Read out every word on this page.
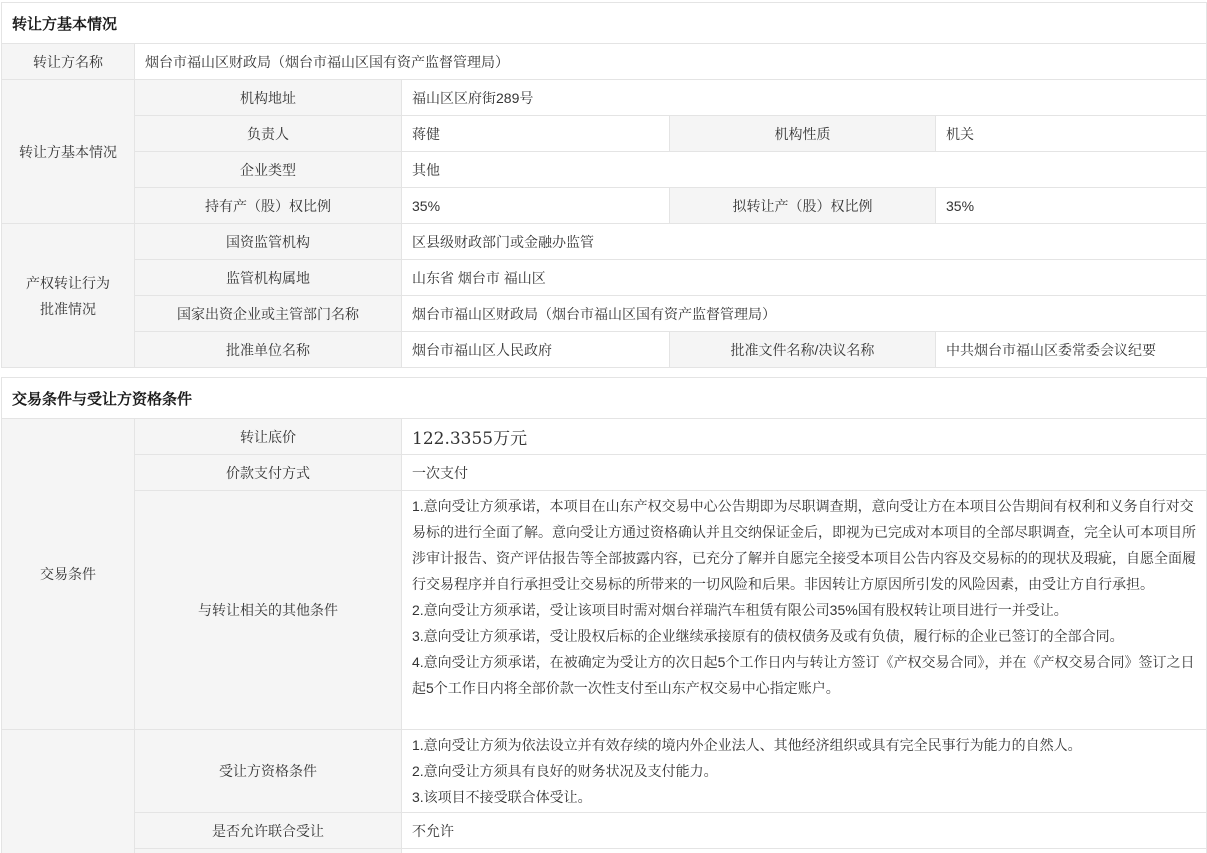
转让方基本情况				
转让方名称	烟台市福山区财政局（烟台市福山区国有资产监督管理局）			
转让方基本情况	机构地址	福山区区府街289号		
	负责人	蒋健	机构性质	机关
	企业类型	其他		
	持有产（股）权比例	35%	拟转让产（股）权比例	35%

产权转让行为
批准情况	国资监管机构	区县级财政部门或金融办监管		
	监管机构属地	山东省 烟台市 福山区		
	国家出资企业或主管部门名称	烟台市福山区财政局（烟台市福山区国有资产监督管理局）		
	批准单位名称	烟台市福山区人民政府	批准文件名称/决议名称	中共烟台市福山区委常委会议纪要
交易条件与受让方资格条件		
交易条件	转让底价	122.3355万元
	价款支付方式	一次支付
	与转让相关的其他条件	1.意向受让方须承诺，本项目在山东产权交易中心公告期即为尽职调查期，意向受让方在本项目公告期间有权利和义务自行对交易标的进行全面了解。意向受让方通过资格确认并且交纳保证金后，即视为已完成对本项目的全部尽职调查，完全认可本项目所涉审计报告、资产评估报告等全部披露内容，已充分了解并自愿完全接受本项目公告内容及交易标的的现状及瑕疵，自愿全面履行交易程序并自行承担受让交易标的所带来的一切风险和后果。非因转让方原因所引发的风险因素，由受让方自行承担。
2.意向受让方须承诺，受让该项目时需对烟台祥瑞汽车租赁有限公司35%国有股权转让项目进行一并受让。
3.意向受让方须承诺，受让股权后标的企业继续承接原有的债权债务及或有负债，履行标的企业已签订的全部合同。
4.意向受让方须承诺，在被确定为受让方的次日起5个工作日内与转让方签订《产权交易合同》，并在《产权交易合同》签订之日起5个工作日内将全部价款一次性支付至山东产权交易中心指定账户。

	受让方资格条件	1.意向受让方须为依法设立并有效存续的境内外企业法人、其他经济组织或具有完全民事行为能力的自然人。
2.意向受让方须具有良好的财务状况及支付能力。
3.该项目不接受联合体受让。

	是否允许联合受让	不允许
